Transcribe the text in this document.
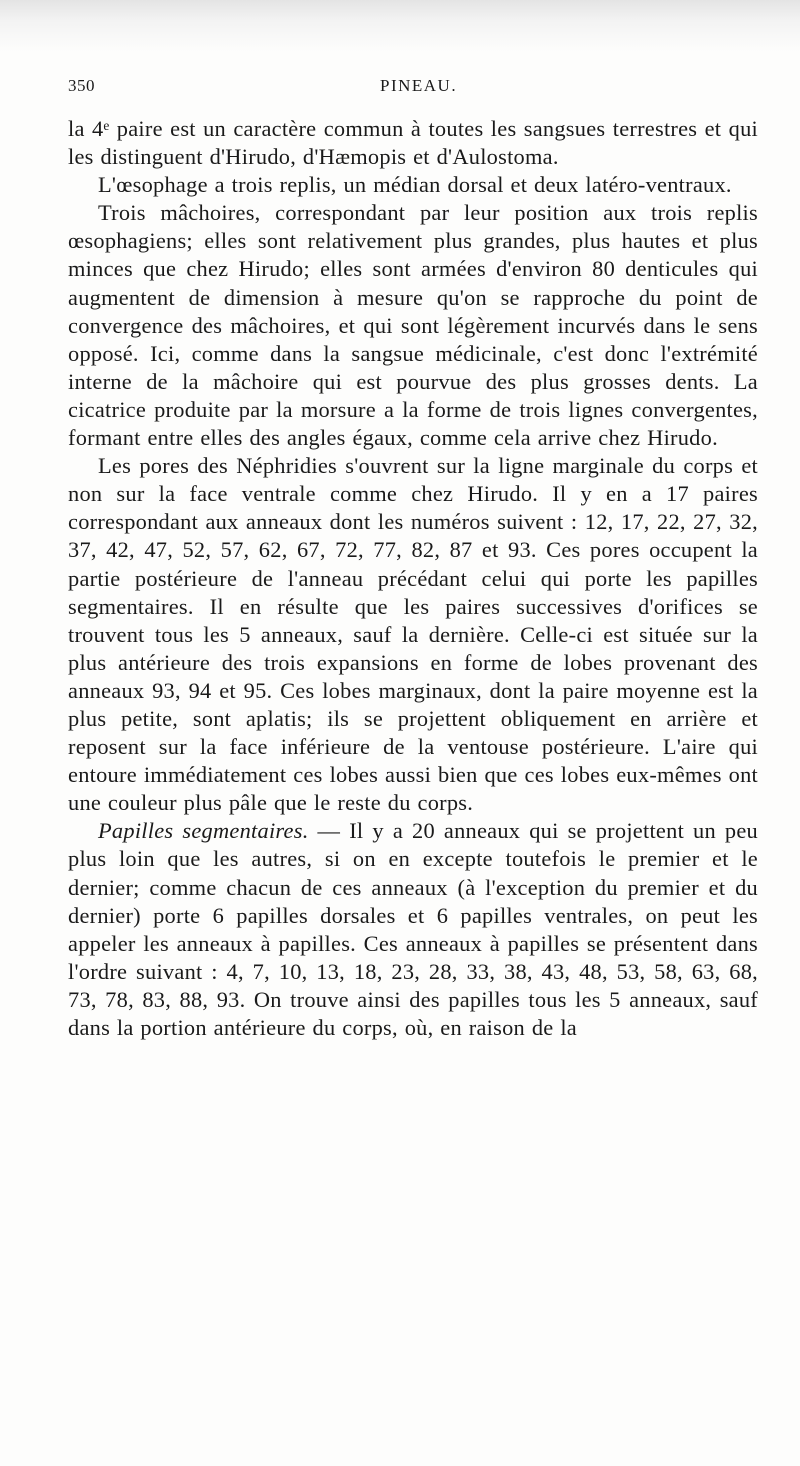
350	PINEAU.

la 4ᵉ paire est un caractère commun à toutes les sangsues terrestres et qui les distinguent d'Hirudo, d'Hæmopis et d'Aulostoma.

L'œsophage a trois replis, un médian dorsal et deux latéro-ventraux.

Trois mâchoires, correspondant par leur position aux trois replis œsophagiens; elles sont relativement plus grandes, plus hautes et plus minces que chez Hirudo; elles sont armées d'environ 80 denticules qui augmentent de dimension à mesure qu'on se rapproche du point de convergence des mâchoires, et qui sont légèrement incurvés dans le sens opposé. Ici, comme dans la sangsue médicinale, c'est donc l'extrémité interne de la mâchoire qui est pourvue des plus grosses dents. La cicatrice produite par la morsure a la forme de trois lignes convergentes, formant entre elles des angles égaux, comme cela arrive chez Hirudo.

Les pores des Néphridies s'ouvrent sur la ligne marginale du corps et non sur la face ventrale comme chez Hirudo. Il y en a 17 paires correspondant aux anneaux dont les numéros suivent : 12, 17, 22, 27, 32, 37, 42, 47, 52, 57, 62, 67, 72, 77, 82, 87 et 93. Ces pores occupent la partie postérieure de l'anneau précédant celui qui porte les papilles segmentaires. Il en résulte que les paires successives d'orifices se trouvent tous les 5 anneaux, sauf la dernière. Celle-ci est située sur la plus antérieure des trois expansions en forme de lobes provenant des anneaux 93, 94 et 95. Ces lobes marginaux, dont la paire moyenne est la plus petite, sont aplatis; ils se projettent obliquement en arrière et reposent sur la face inférieure de la ventouse postérieure. L'aire qui entoure immédiatement ces lobes aussi bien que ces lobes eux-mêmes ont une couleur plus pâle que le reste du corps.

Papilles segmentaires. — Il y a 20 anneaux qui se projettent un peu plus loin que les autres, si on en excepte toutefois le premier et le dernier; comme chacun de ces anneaux (à l'exception du premier et du dernier) porte 6 papilles dorsales et 6 papilles ventrales, on peut les appeler les anneaux à papilles. Ces anneaux à papilles se présentent dans l'ordre suivant : 4, 7, 10, 13, 18, 23, 28, 33, 38, 43, 48, 53, 58, 63, 68, 73, 78, 83, 88, 93. On trouve ainsi des papilles tous les 5 anneaux, sauf dans la portion antérieure du corps, où, en raison de la
